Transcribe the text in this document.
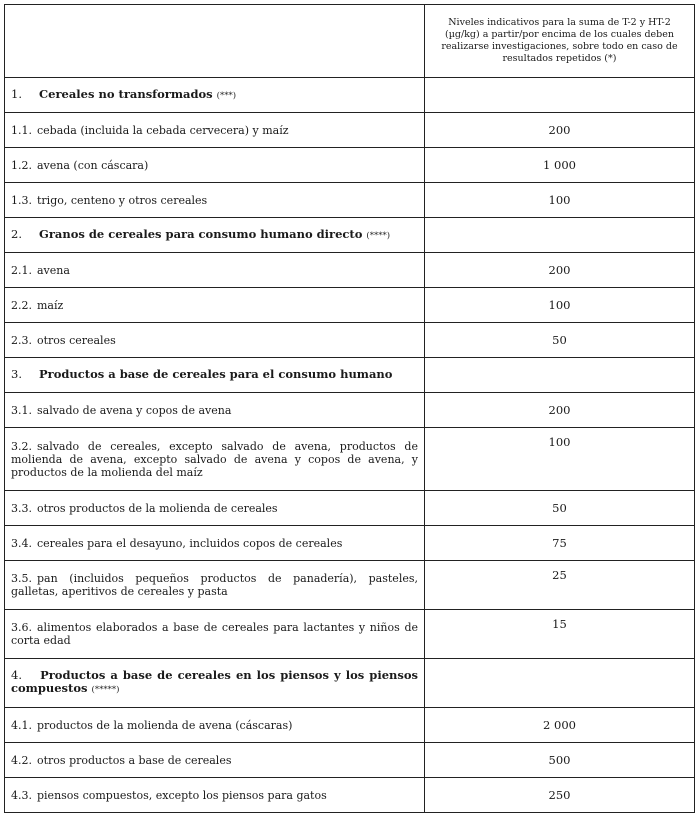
	Niveles indicativos para la suma de T-2 y HT-2 (µg/kg) a partir/por encima de los cuales deben realizarse investigaciones, sobre todo en caso de resultados repetidos (*)
1. Cereales no transformados (***)	
1.1. cebada (incluida la cebada cervecera) y maíz	200
1.2. avena (con cáscara)	1 000
1.3. trigo, centeno y otros cereales	100
2. Granos de cereales para consumo humano directo (****)	
2.1. avena	200
2.2. maíz	100
2.3. otros cereales	50
3. Productos a base de cereales para el consumo humano	
3.1. salvado de avena y copos de avena	200
3.2. salvado de cereales, excepto salvado de avena, productos de molienda de avena, excepto salvado de avena y copos de avena, y productos de la molienda del maíz	100
3.3. otros productos de la molienda de cereales	50
3.4. cereales para el desayuno, incluidos copos de cereales	75
3.5. pan (incluidos pequeños productos de panadería), pasteles, galletas, aperitivos de cereales y pasta	25
3.6. alimentos elaborados a base de cereales para lactantes y niños de corta edad	15
4. Productos a base de cereales en los piensos y los piensos compuestos (*****)	
4.1. productos de la molienda de avena (cáscaras)	2 000
4.2. otros productos a base de cereales	500
4.3. piensos compuestos, excepto los piensos para gatos	250
